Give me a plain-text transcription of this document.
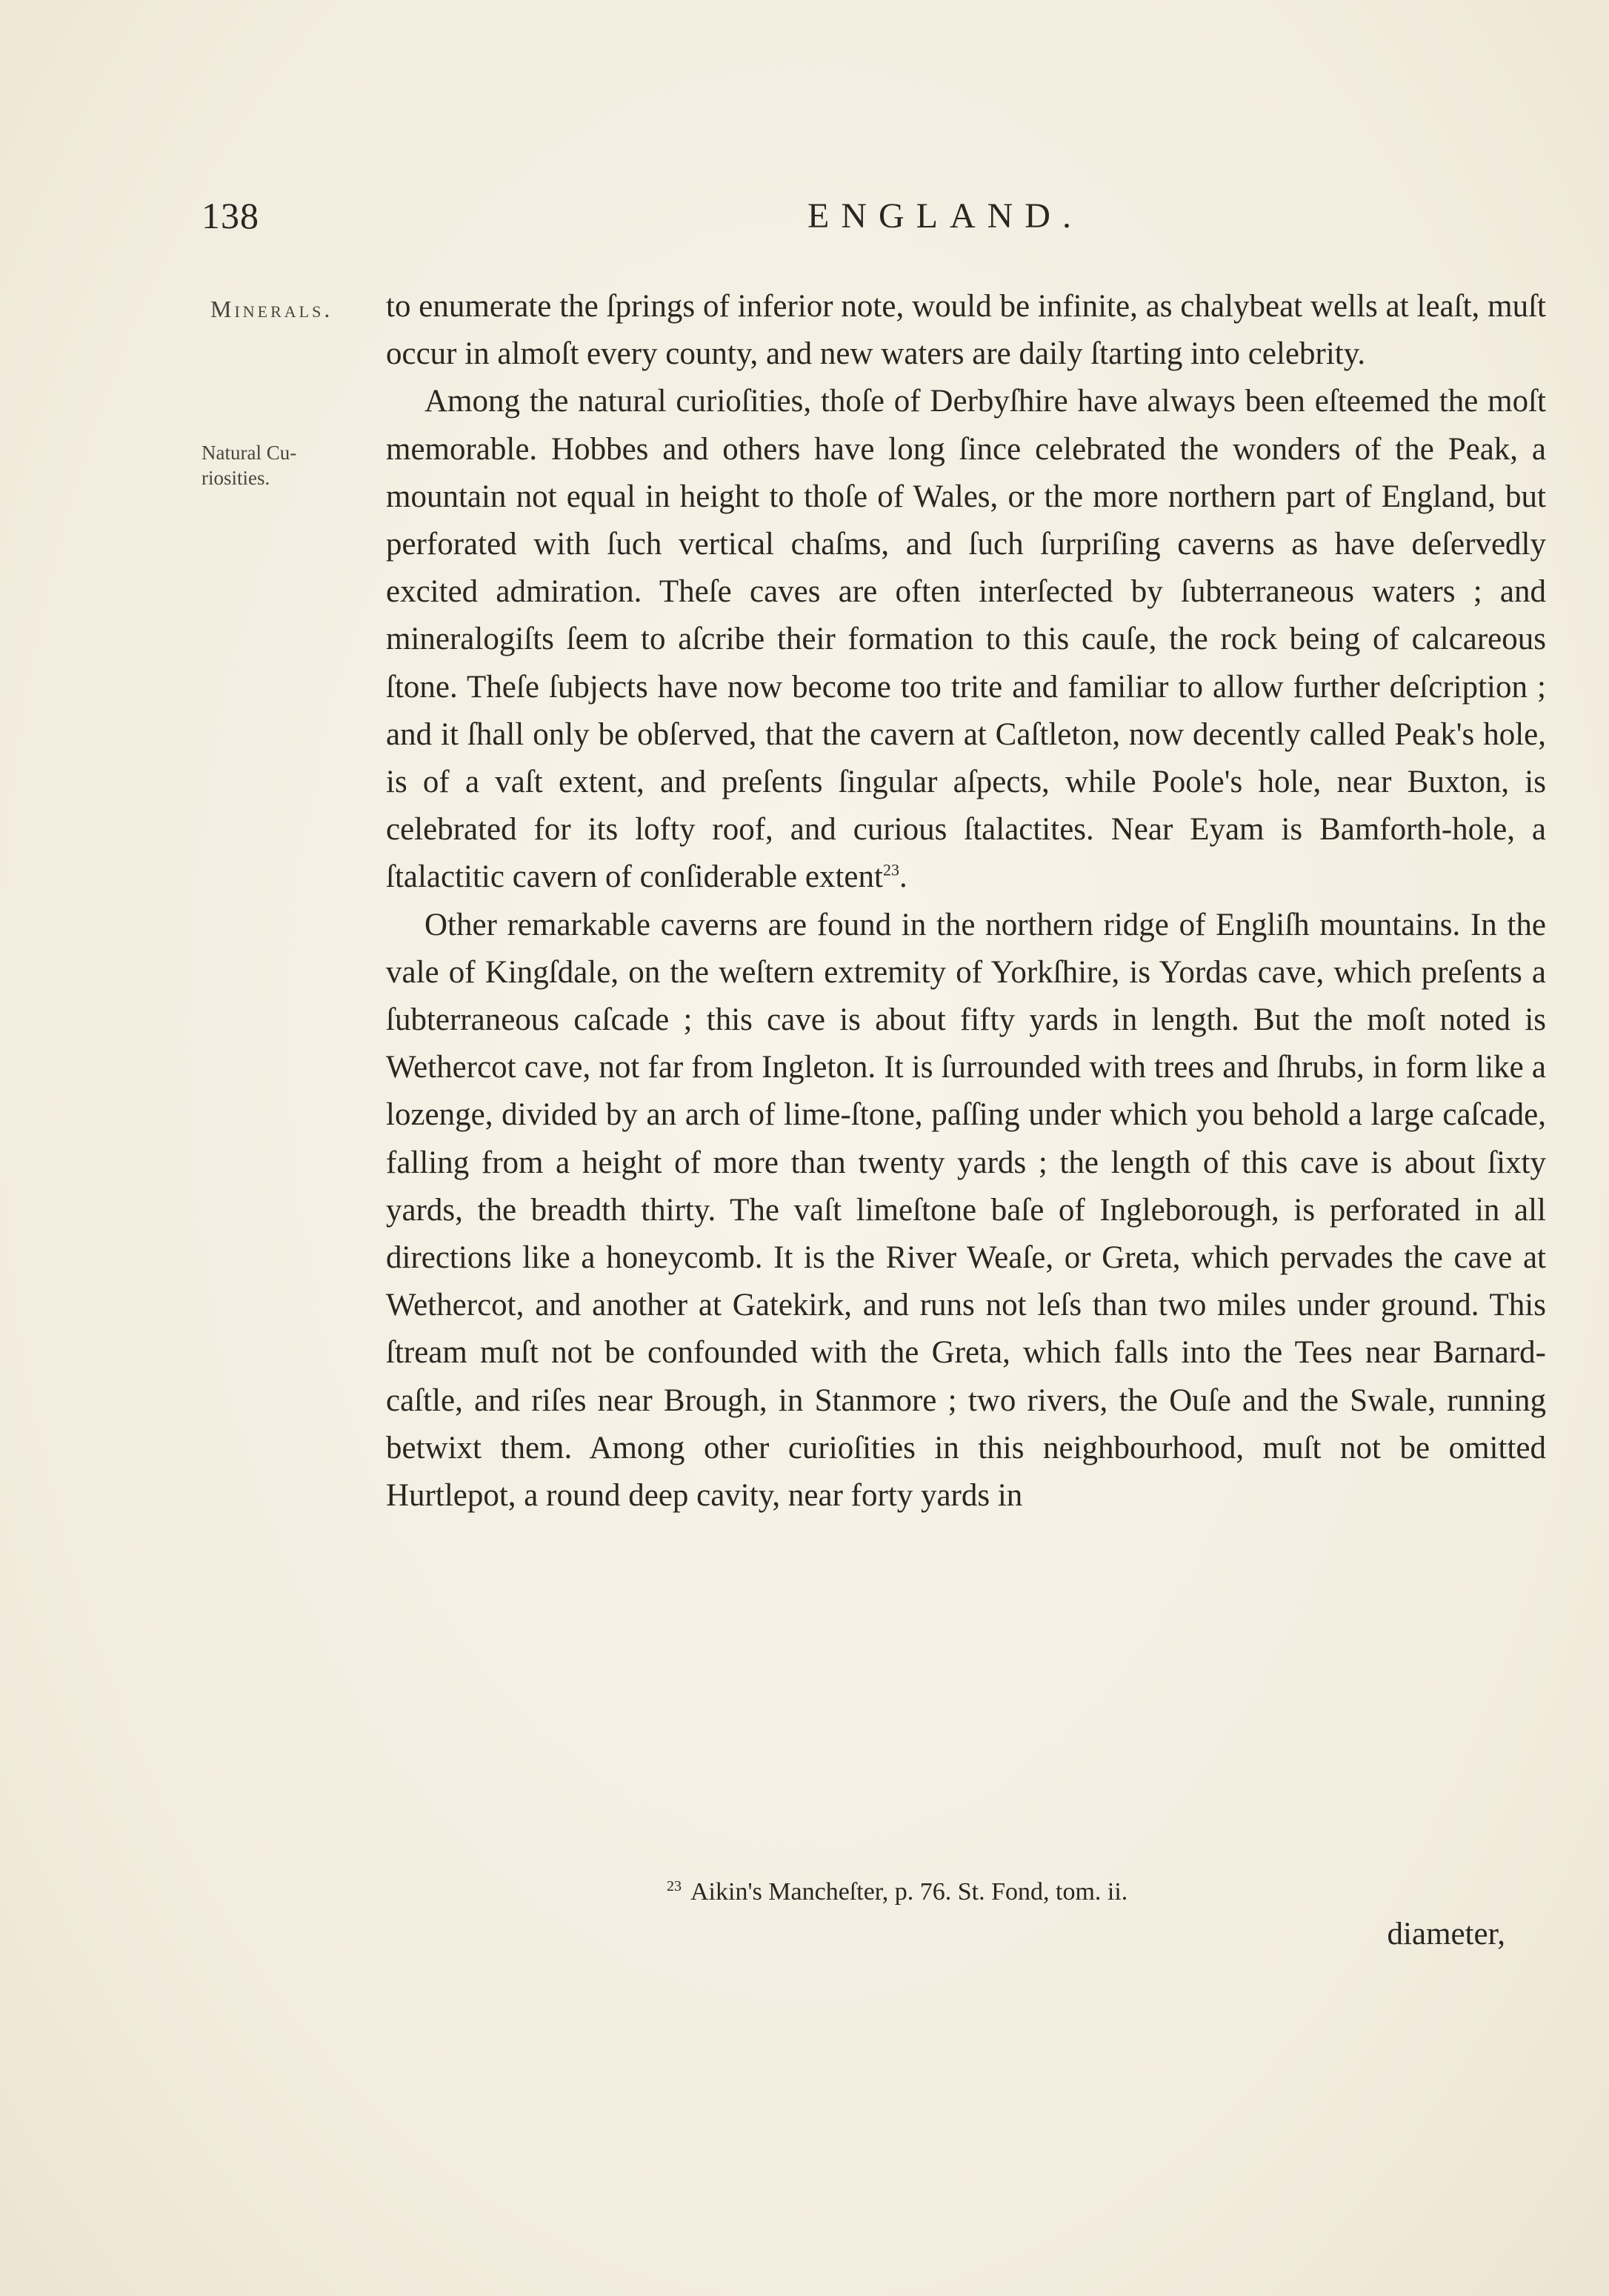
138	ENGLAND.
Minerals.
Natural Cu-riosities.

to enumerate the ſprings of inferior note, would be infinite, as chalybeat wells at leaſt, muſt occur in almoſt every county, and new waters are daily ſtarting into celebrity.

Among the natural curioſities, thoſe of Derbyſhire have always been eſteemed the moſt memorable. Hobbes and others have long ſince celebrated the wonders of the Peak, a mountain not equal in height to thoſe of Wales, or the more northern part of England, but perforated with ſuch vertical chaſms, and ſuch ſurpriſing caverns as have deſervedly excited admiration. Theſe caves are often interſected by ſubterraneous waters ; and mineralogiſts ſeem to aſcribe their formation to this cauſe, the rock being of calcareous ſtone. Theſe ſubjects have now become too trite and familiar to allow further deſcription ; and it ſhall only be obſerved, that the cavern at Caſtleton, now decently called Peak's hole, is of a vaſt extent, and preſents ſingular aſpects, while Poole's hole, near Buxton, is celebrated for its lofty roof, and curious ſtalactites. Near Eyam is Bamforth-hole, a ſtalactitic cavern of conſiderable extent$^{23}$.

Other remarkable caverns are found in the northern ridge of Engliſh mountains. In the vale of Kingſdale, on the weſtern extremity of Yorkſhire, is Yordas cave, which preſents a ſubterraneous caſcade ; this cave is about fifty yards in length. But the moſt noted is Wethercot cave, not far from Ingleton. It is ſurrounded with trees and ſhrubs, in form like a lozenge, divided by an arch of lime-ſtone, paſſing under which you behold a large caſcade, falling from a height of more than twenty yards ; the length of this cave is about ſixty yards, the breadth thirty. The vaſt limeſtone baſe of Ingleborough, is perforated in all directions like a honeycomb. It is the River Weaſe, or Greta, which pervades the cave at Wethercot, and another at Gatekirk, and runs not leſs than two miles under ground. This ſtream muſt not be confounded with the Greta, which falls into the Tees near Barnard-caſtle, and riſes near Brough, in Stanmore ; two rivers, the Ouſe and the Swale, running betwixt them. Among other curioſities in this neighbourhood, muſt not be omitted Hurtlepot, a round deep cavity, near forty yards in

$^{23}$ Aikin's Mancheſter, p. 76. St. Fond, tom. ii.
diameter,
